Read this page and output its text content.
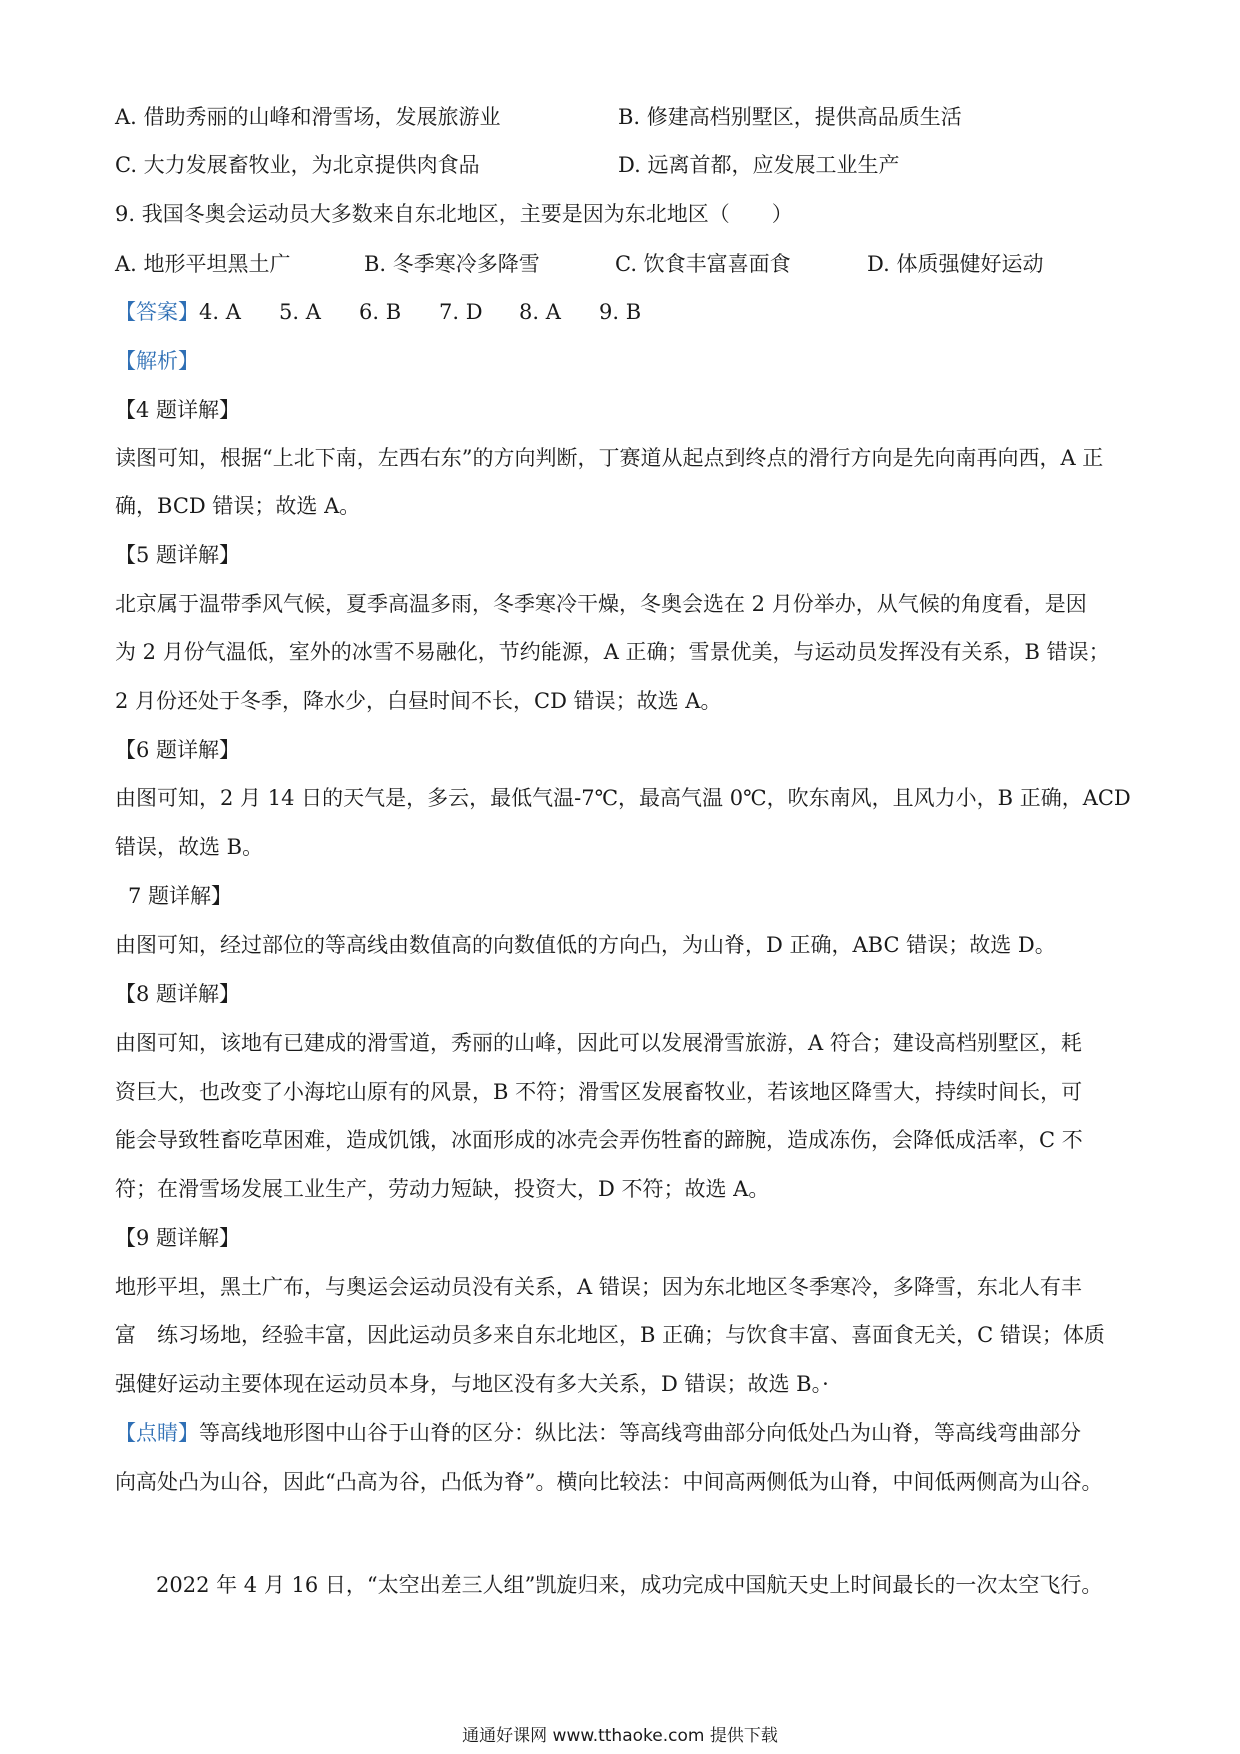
A. 借助秀丽的山峰和滑雪场，发展旅游业	B. 修建高档别墅区，提供高品质生活
C. 大力发展畜牧业，为北京提供肉食品	D. 远离首都，应发展工业生产
9. 我国冬奥会运动员大多数来自东北地区，主要是因为东北地区（　　）
A. 地形平坦黑土广	B. 冬季寒冷多降雪	C. 饮食丰富喜面食	D. 体质强健好运动
【答案】4. A 5. A 6. B 7. D 8. A 9. B
【解析】
【4 题详解】
读图可知，根据“上北下南，左西右东”的方向判断，丁赛道从起点到终点的滑行方向是先向南再向西，A 正
确，BCD 错误；故选 A。
【5 题详解】
北京属于温带季风气候，夏季高温多雨，冬季寒冷干燥，冬奥会选在 2 月份举办，从气候的角度看，是因
为 2 月份气温低，室外的冰雪不易融化，节约能源，A 正确；雪景优美，与运动员发挥没有关系，B 错误；
2 月份还处于冬季，降水少，白昼时间不长，CD 错误；故选 A。
【6 题详解】
由图可知，2 月 14 日的天气是，多云，最低气温-7℃，最高气温 0℃，吹东南风，且风力小，B 正确，ACD
错误，故选 B。
7 题详解】
由图可知，经过部位的等高线由数值高的向数值低的方向凸，为山脊，D 正确，ABC 错误；故选 D。
【8 题详解】
由图可知，该地有已建成的滑雪道，秀丽的山峰，因此可以发展滑雪旅游，A 符合；建设高档别墅区，耗
资巨大，也改变了小海坨山原有的风景，B 不符；滑雪区发展畜牧业，若该地区降雪大，持续时间长，可
能会导致牲畜吃草困难，造成饥饿，冰面形成的冰壳会弄伤牲畜的蹄腕，造成冻伤，会降低成活率，C 不
符；在滑雪场发展工业生产，劳动力短缺，投资大，D 不符；故选 A。
【9 题详解】
地形平坦，黑土广布，与奥运会运动员没有关系，A 错误；因为东北地区冬季寒冷，多降雪，东北人有丰
富　练习场地，经验丰富，因此运动员多来自东北地区，B 正确；与饮食丰富、喜面食无关，C 错误；体质
强健好运动主要体现在运动员本身，与地区没有多大关系，D 错误；故选 B。·
【点睛】等高线地形图中山谷于山脊的区分：纵比法：等高线弯曲部分向低处凸为山脊，等高线弯曲部分
向高处凸为山谷，因此“凸高为谷，凸低为脊”。横向比较法：中间高两侧低为山脊，中间低两侧高为山谷。
2022 年 4 月 16 日，“太空出差三人组”凯旋归来，成功完成中国航天史上时间最长的一次太空飞行。
通通好课网 www.tthaoke.com 提供下载
